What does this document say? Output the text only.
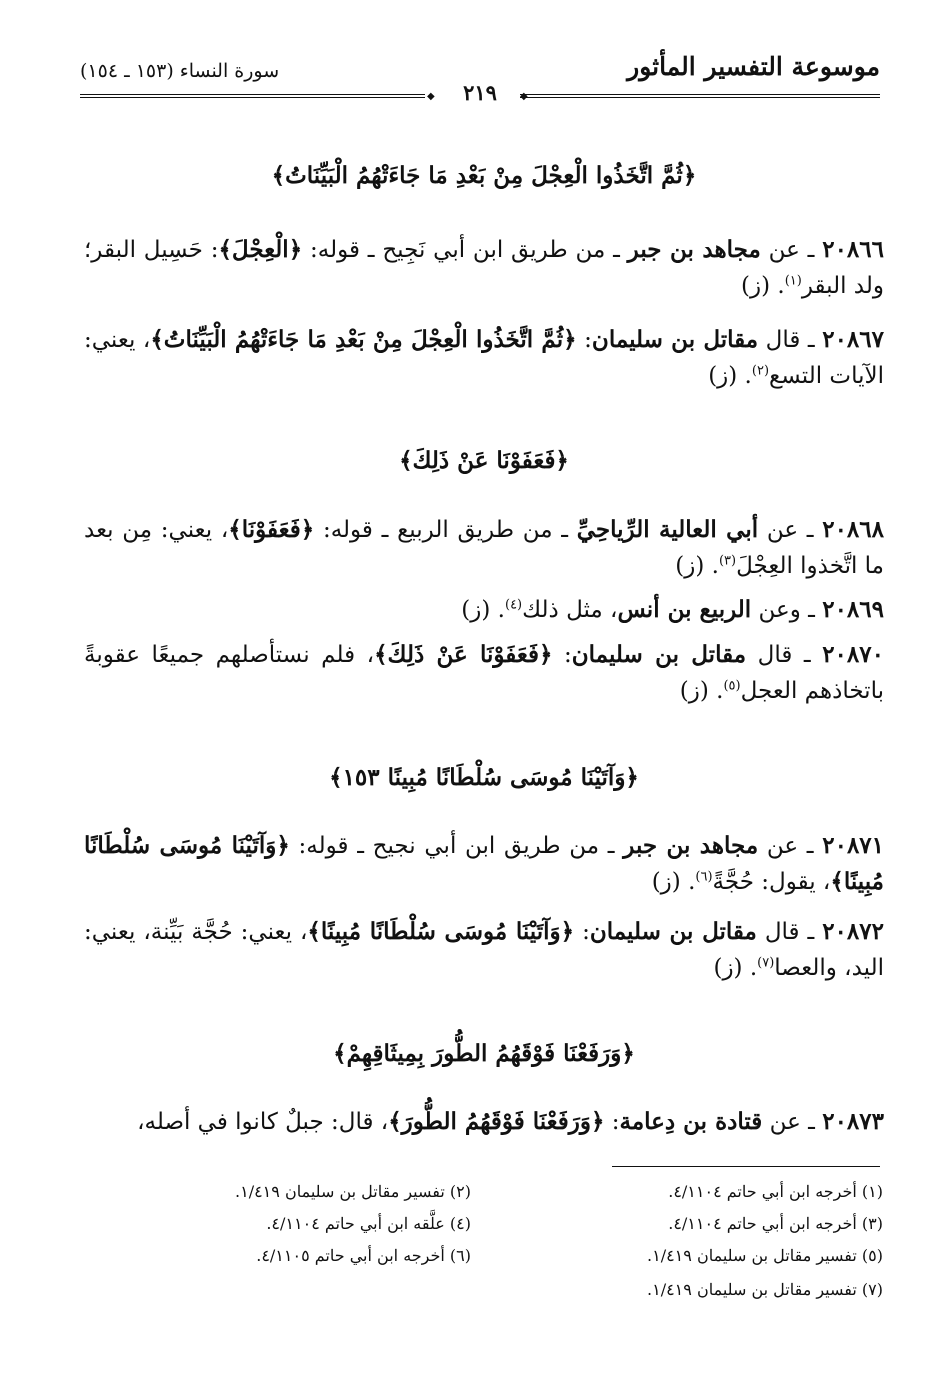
موسوعة التفسير المأثور
سورة النساء (١٥٣ ـ ١٥٤)
◆	٢١٩	◆
﴿ثُمَّ اتَّخَذُوا الْعِجْلَ مِنْ بَعْدِ مَا جَاءَتْهُمُ الْبَيِّنَاتُ﴾
٢٠٨٦٦ ـ عن مجاهد بن جبر ـ من طريق ابن أبي نَجِيح ـ قوله: ﴿الْعِجْلَ﴾: حَسِيل البقر؛ ولد البقر$^{(١)}$. (ز)
٢٠٨٦٧ ـ قال مقاتل بن سليمان: ﴿ثُمَّ اتَّخَذُوا الْعِجْلَ مِنْ بَعْدِ مَا جَاءَتْهُمُ الْبَيِّنَاتُ﴾، يعني: الآيات التسع$^{(٢)}$. (ز)
﴿فَعَفَوْنَا عَنْ ذَلِكَ﴾
٢٠٨٦٨ ـ عن أبي العالية الرِّياحِيِّ ـ من طريق الربيع ـ قوله: ﴿فَعَفَوْنَا﴾، يعني: مِن بعد ما اتَّخذوا العِجْلَ$^{(٣)}$. (ز)
٢٠٨٦٩ ـ وعن الربيع بن أنس، مثل ذلك$^{(٤)}$. (ز)
٢٠٨٧٠ ـ قال مقاتل بن سليمان: ﴿فَعَفَوْنَا عَنْ ذَلِكَ﴾، فلم نستأصلهم جميعًا عقوبةً باتخاذهم العجل$^{(٥)}$. (ز)
﴿وَآتَيْنَا مُوسَى سُلْطَانًا مُبِينًا ١٥٣﴾
٢٠٨٧١ ـ عن مجاهد بن جبر ـ من طريق ابن أبي نجيح ـ قوله: ﴿وَآتَيْنَا مُوسَى سُلْطَانًا مُبِينًا﴾، يقول: حُجَّةً$^{(٦)}$. (ز)
٢٠٨٧٢ ـ قال مقاتل بن سليمان: ﴿وَآتَيْنَا مُوسَى سُلْطَانًا مُبِينًا﴾، يعني: حُجَّة بَيِّنة، يعني: اليد، والعصا$^{(٧)}$. (ز)
﴿وَرَفَعْنَا فَوْقَهُمُ الطُّورَ بِمِيثَاقِهِمْ﴾
٢٠٨٧٣ ـ عن قتادة بن دِعامة: ﴿وَرَفَعْنَا فَوْقَهُمُ الطُّورَ﴾، قال: جبلٌ كانوا في أصله،
(١) أخرجه ابن أبي حاتم ٤/١١٠٤.
(٢) تفسير مقاتل بن سليمان ١/٤١٩.
(٣) أخرجه ابن أبي حاتم ٤/١١٠٤.
(٤) علَّقه ابن أبي حاتم ٤/١١٠٤.
(٥) تفسير مقاتل بن سليمان ١/٤١٩.
(٦) أخرجه ابن أبي حاتم ٤/١١٠٥.
(٧) تفسير مقاتل بن سليمان ١/٤١٩.
